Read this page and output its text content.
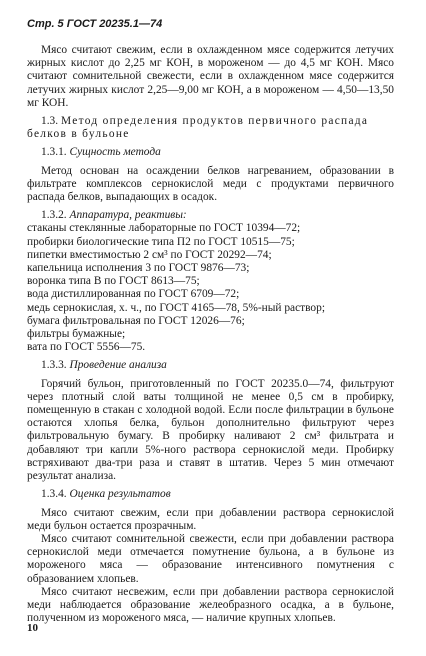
Стр. 5 ГОСТ 20235.1—74

Мясо считают свежим, если в охлажденном мясе содержится летучих жирных кислот до 2,25 мг КОН, в мороженом — до 4,5 мг КОН. Мясо считают сомнительной свежести, если в охлажденном мясе содержится летучих жирных кислот 2,25—9,00 мг КОН, а в мороженом — 4,50—13,50 мг КОН.

1.3. Метод определения продуктов первичного распада белков в бульоне

1.3.1. Сущность метода

Метод основан на осаждении белков нагреванием, образовании в фильтрате комплексов сернокислой меди с продуктами первичного распада белков, выпадающих в осадок.

1.3.2. Аппаратура, реактивы:

стаканы стеклянные лабораторные по ГОСТ 10394—72;

пробирки биологические типа П2 по ГОСТ 10515—75;

пипетки вместимостью 2 см³ по ГОСТ 20292—74;

капельница исполнения 3 по ГОСТ 9876—73;

воронка типа В по ГОСТ 8613—75;

вода дистиллированная по ГОСТ 6709—72;

медь сернокислая, х. ч., по ГОСТ 4165—78, 5%-ный раствор;

бумага фильтровальная по ГОСТ 12026—76;

фильтры бумажные;

вата по ГОСТ 5556—75.

1.3.3. Проведение анализа

Горячий бульон, приготовленный по ГОСТ 20235.0—74, фильтруют через плотный слой ваты толщиной не менее 0,5 см в пробирку, помещенную в стакан с холодной водой. Если после фильтрации в бульоне остаются хлопья белка, бульон дополнительно фильтруют через фильтровальную бумагу. В пробирку наливают 2 см³ фильтрата и добавляют три капли 5%-ного раствора сернокислой меди. Пробирку встряхивают два-три раза и ставят в штатив. Через 5 мин отмечают результат анализа.

1.3.4. Оценка результатов

Мясо считают свежим, если при добавлении раствора сернокислой меди бульон остается прозрачным.

Мясо считают сомнительной свежести, если при добавлении раствора сернокислой меди отмечается помутнение бульона, а в бульоне из мороженого мяса — образование интенсивного помутнения с образованием хлопьев.

Мясо считают несвежим, если при добавлении раствора сернокислой меди наблюдается образование желеобразного осадка, а в бульоне, полученном из мороженого мяса, — наличие крупных хлопьев.

10
